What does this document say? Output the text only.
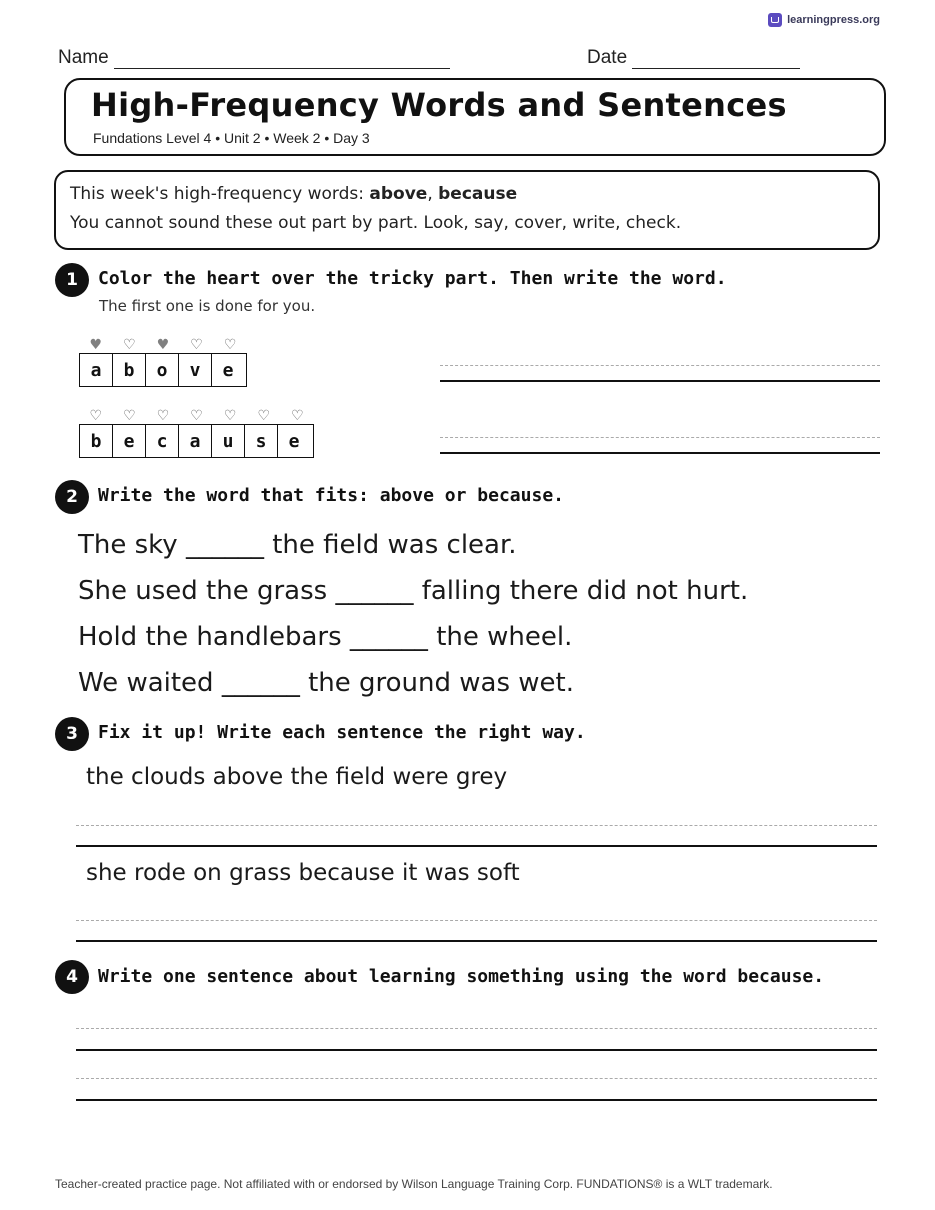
learningpress.org
Name	Date
High-Frequency Words and Sentences
Fundations Level 4 • Unit 2 • Week 2 • Day 3
This week's high-frequency words: above, because
You cannot sound these out part by part. Look, say, cover, write, check.
1	Color the heart over the tricky part. Then write the word.
The first one is done for you.
♥	♡	♥	♡	♡
a	b	o	v	e
♡	♡	♡	♡	♡	♡	♡
b	e	c	a	u	s	e
2	Write the word that fits: above or because.
The sky ______ the field was clear.
She used the grass ______ falling there did not hurt.
Hold the handlebars ______ the wheel.
We waited ______ the ground was wet.
3	Fix it up! Write each sentence the right way.
the clouds above the field were grey
she rode on grass because it was soft
4	Write one sentence about learning something using the word because.
Teacher-created practice page. Not affiliated with or endorsed by Wilson Language Training Corp. FUNDATIONS® is a WLT trademark.
